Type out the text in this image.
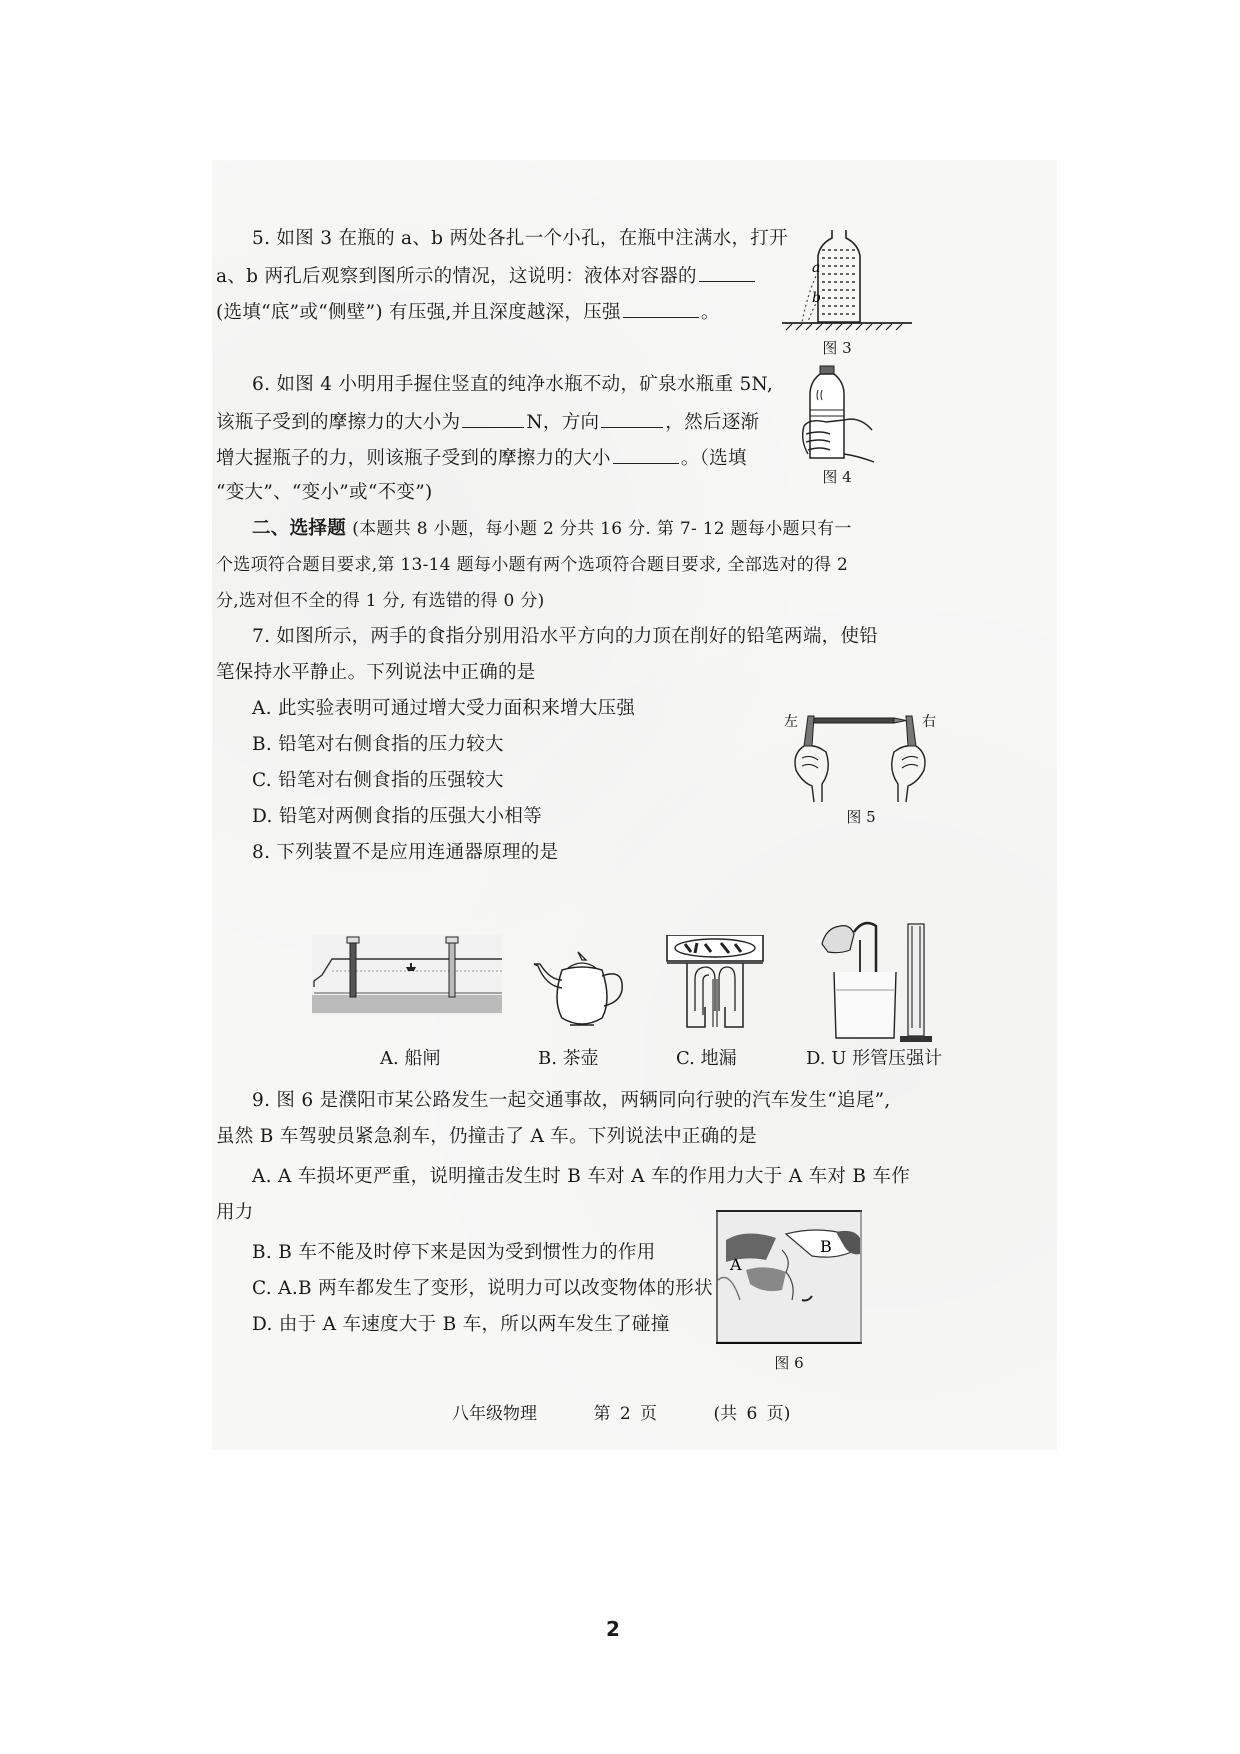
5. 如图 3 在瓶的 a、b 两处各扎一个小孔，在瓶中注满水，打开
a、b 两孔后观察到图所示的情况，这说明：液体对容器的
(选填“底”或“侧壁”) 有压强,并且深度越深，压强	。
a
b
图 3
6. 如图 4 小明用手握住竖直的纯净水瓶不动，矿泉水瓶重 5N,
该瓶子受到的摩擦力的大小为	N，方向	，然后逐渐
增大握瓶子的力，则该瓶子受到的摩擦力的大小	。（选填
“变大”、“变小”或“不变”)
图 4
二、选择题 (本题共 8 小题，每小题 2 分共 16 分. 第 7- 12 题每小题只有一
个选项符合题目要求,第 13-14 题每小题有两个选项符合题目要求, 全部选对的得 2
分,选对但不全的得 1 分, 有选错的得 0 分)
7. 如图所示，两手的食指分别用沿水平方向的力顶在削好的铅笔两端，使铅
笔保持水平静止。下列说法中正确的是
A. 此实验表明可通过增大受力面积来增大压强
B. 铅笔对右侧食指的压力较大
C. 铅笔对右侧食指的压强较大
D. 铅笔对两侧食指的压强大小相等
左	右
图 5
8. 下列装置不是应用连通器原理的是
A. 船闸	B. 茶壶	C. 地漏	D. U 形管压强计
9. 图 6 是濮阳市某公路发生一起交通事故，两辆同向行驶的汽车发生“追尾”,
虽然 B 车驾驶员紧急刹车，仍撞击了 A 车。下列说法中正确的是
A. A 车损坏更严重，说明撞击发生时 B 车对 A 车的作用力大于 A 车对 B 车作
用力
B. B 车不能及时停下来是因为受到惯性力的作用
C. A.B 两车都发生了变形，说明力可以改变物体的形状
D. 由于 A 车速度大于 B 车，所以两车发生了碰撞
A
B
图 6
八年级物理	第 2 页	(共 6 页)
2
